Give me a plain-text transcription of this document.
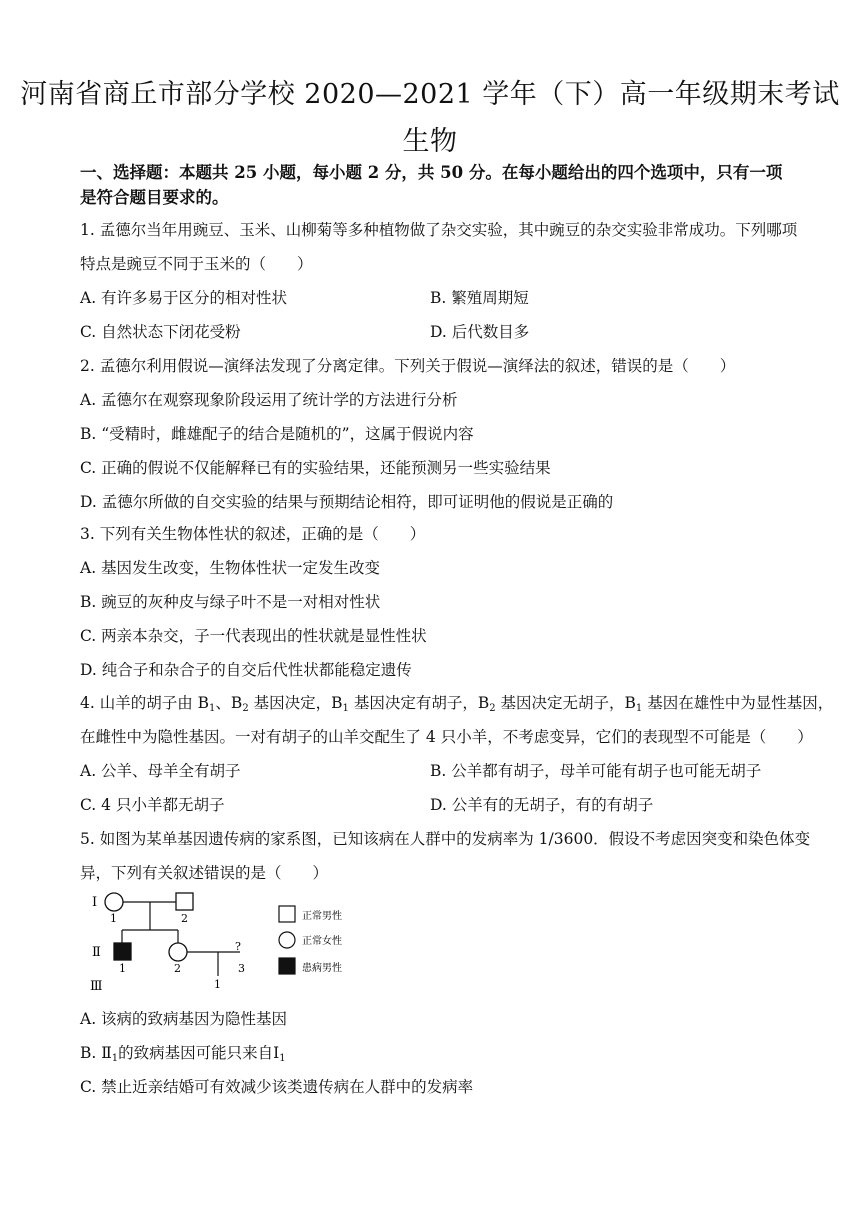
河南省商丘市部分学校 2020—2021 学年（下）高一年级期末考试
生物
一、选择题：本题共 25 小题，每小题 2 分，共 50 分。在每小题给出的四个选项中，只有一项是符合题目要求的。
1. 孟德尔当年用豌豆、玉米、山柳菊等多种植物做了杂交实验，其中豌豆的杂交实验非常成功。下列哪项
特点是豌豆不同于玉米的（　　）
A. 有许多易于区分的相对性状	B. 繁殖周期短
C. 自然状态下闭花受粉	D. 后代数目多
2. 孟德尔利用假说—演绎法发现了分离定律。下列关于假说—演绎法的叙述，错误的是（　　）
A. 孟德尔在观察现象阶段运用了统计学的方法进行分析
B. “受精时，雌雄配子的结合是随机的”，这属于假说内容
C. 正确的假说不仅能解释已有的实验结果，还能预测另一些实验结果
D. 孟德尔所做的自交实验的结果与预期结论相符，即可证明他的假说是正确的
3. 下列有关生物体性状的叙述，正确的是（　　）
A. 基因发生改变，生物体性状一定发生改变
B. 豌豆的灰种皮与绿子叶不是一对相对性状
C. 两亲本杂交，子一代表现出的性状就是显性性状
D. 纯合子和杂合子的自交后代性状都能稳定遗传
4. 山羊的胡子由 $B_1$、$B_2$ 基因决定，$B_1$ 基因决定有胡子，$B_2$ 基因决定无胡子，$B_1$ 基因在雄性中为显性基因，
在雌性中为隐性基因。一对有胡子的山羊交配生了 4 只小羊，不考虑变异，它们的表现型不可能是（　　）
A. 公羊、母羊全有胡子	B. 公羊都有胡子，母羊可能有胡子也可能无胡子
C. 4 只小羊都无胡子	D. 公羊有的无胡子，有的有胡子
5. 如图为某单基因遗传病的家系图，已知该病在人群中的发病率为 1/3600．假设不考虑因突变和染色体变
异，下列有关叙述错误的是（　　）
Ⅰ
Ⅱ
Ⅲ
1	2
?
1	2	3
1
正常男性
正常女性
患病男性
A. 该病的致病基因为隐性基因
B. $Ⅱ_1$的致病基因可能只来自$Ⅰ_1$
C. 禁止近亲结婚可有效减少该类遗传病在人群中的发病率
